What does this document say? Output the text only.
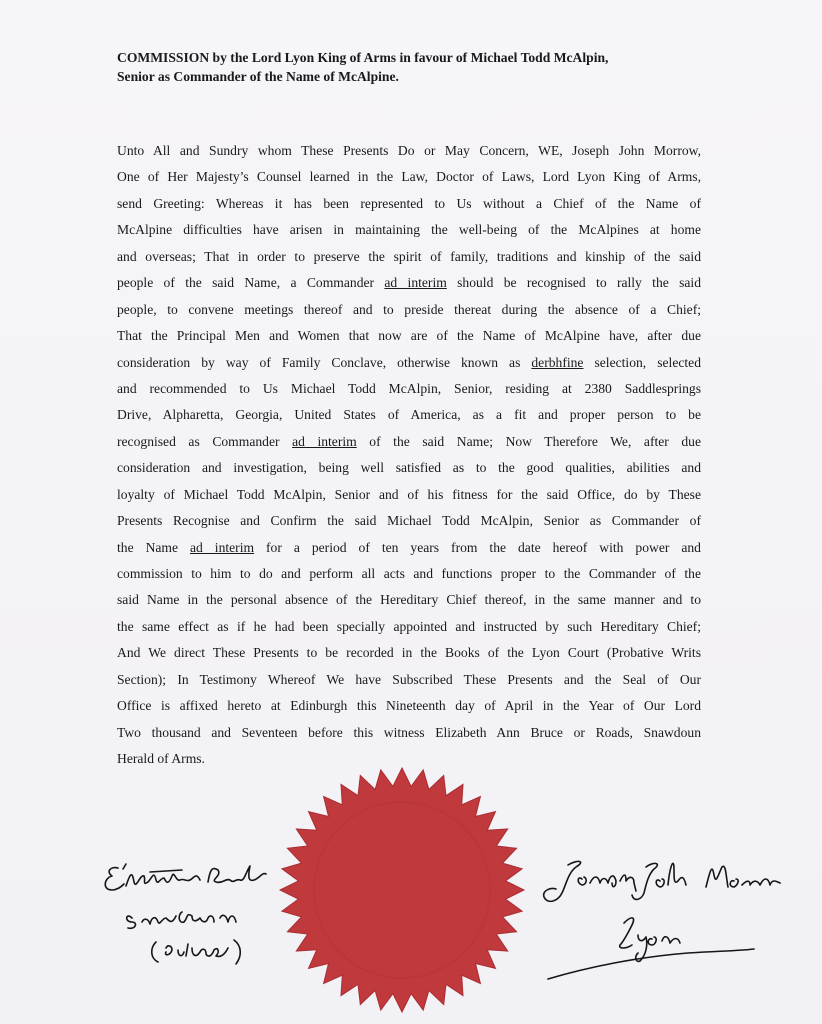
COMMISSION by the Lord Lyon King of Arms in favour of Michael Todd McAlpin,
Senior as Commander of the Name of McAlpine.
Unto All and Sundry whom These Presents Do or May Concern, WE, Joseph John Morrow,
One of Her Majesty’s Counsel learned in the Law, Doctor of Laws, Lord Lyon King of Arms,
send Greeting: Whereas it has been represented to Us without a Chief of the Name of
McAlpine difficulties have arisen in maintaining the well-being of the McAlpines at home
and overseas; That in order to preserve the spirit of family, traditions and kinship of the said
people of the said Name, a Commander ad interim should be recognised to rally the said
people, to convene meetings thereof and to preside thereat during the absence of a Chief;
That the Principal Men and Women that now are of the Name of McAlpine have, after due
consideration by way of Family Conclave, otherwise known as derbhfine selection, selected
and recommended to Us Michael Todd McAlpin, Senior, residing at 2380 Saddlesprings
Drive, Alpharetta, Georgia, United States of America, as a fit and proper person to be
recognised as Commander ad interim of the said Name; Now Therefore We, after due
consideration and investigation, being well satisfied as to the good qualities, abilities and
loyalty of Michael Todd McAlpin, Senior and of his fitness for the said Office, do by These
Presents Recognise and Confirm the said Michael Todd McAlpin, Senior as Commander of
the Name ad interim for a period of ten years from the date hereof with power and
commission to him to do and perform all acts and functions proper to the Commander of the
said Name in the personal absence of the Hereditary Chief thereof, in the same manner and to
the same effect as if he had been specially appointed and instructed by such Hereditary Chief;
And We direct These Presents to be recorded in the Books of the Lyon Court (Probative Writs
Section); In Testimony Whereof We have Subscribed These Presents and the Seal of Our
Office is affixed hereto at Edinburgh this Nineteenth day of April in the Year of Our Lord
Two thousand and Seventeen before this witness Elizabeth Ann Bruce or Roads, Snawdoun
Herald of Arms.
